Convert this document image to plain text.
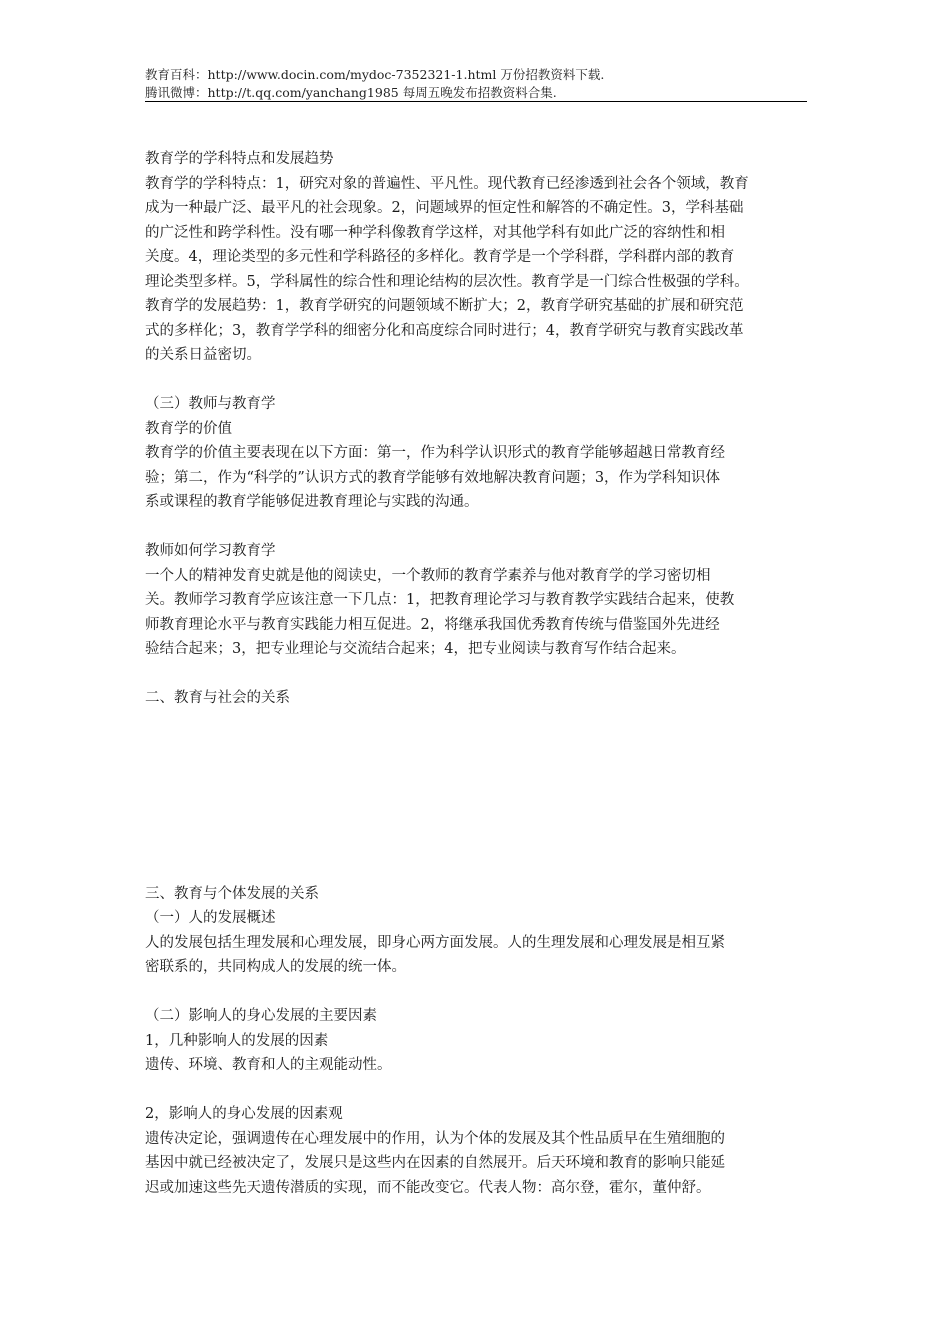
教育百科：http://www.docin.com/mydoc-7352321-1.html 万份招教资料下载.
腾讯微博：http://t.qq.com/yanchang1985 每周五晚发布招教资料合集.

教育学的学科特点和发展趋势

教育学的学科特点：1，研究对象的普遍性、平凡性。现代教育已经渗透到社会各个领域，教育
成为一种最广泛、最平凡的社会现象。2，问题域界的恒定性和解答的不确定性。3，学科基础
的广泛性和跨学科性。没有哪一种学科像教育学这样，对其他学科有如此广泛的容纳性和相
关度。4，理论类型的多元性和学科路径的多样化。教育学是一个学科群，学科群内部的教育
理论类型多样。5，学科属性的综合性和理论结构的层次性。教育学是一门综合性极强的学科。
教育学的发展趋势：1，教育学研究的问题领域不断扩大；2，教育学研究基础的扩展和研究范
式的多样化；3，教育学学科的细密分化和高度综合同时进行；4，教育学研究与教育实践改革
的关系日益密切。

（三）教师与教育学

教育学的价值

教育学的价值主要表现在以下方面：第一，作为科学认识形式的教育学能够超越日常教育经
验；第二，作为“科学的”认识方式的教育学能够有效地解决教育问题；3，作为学科知识体
系或课程的教育学能够促进教育理论与实践的沟通。

教师如何学习教育学

一个人的精神发育史就是他的阅读史，一个教师的教育学素养与他对教育学的学习密切相
关。教师学习教育学应该注意一下几点：1，把教育理论学习与教育教学实践结合起来，使教
师教育理论水平与教育实践能力相互促进。2，将继承我国优秀教育传统与借鉴国外先进经
验结合起来；3，把专业理论与交流结合起来；4，把专业阅读与教育写作结合起来。

二、教育与社会的关系

三、教育与个体发展的关系

（一）人的发展概述

人的发展包括生理发展和心理发展，即身心两方面发展。人的生理发展和心理发展是相互紧
密联系的，共同构成人的发展的统一体。

（二）影响人的身心发展的主要因素

1，几种影响人的发展的因素

遗传、环境、教育和人的主观能动性。

2，影响人的身心发展的因素观

遗传决定论，强调遗传在心理发展中的作用，认为个体的发展及其个性品质早在生殖细胞的
基因中就已经被决定了，发展只是这些内在因素的自然展开。后天环境和教育的影响只能延
迟或加速这些先天遗传潜质的实现，而不能改变它。代表人物：高尔登，霍尔，董仲舒。
